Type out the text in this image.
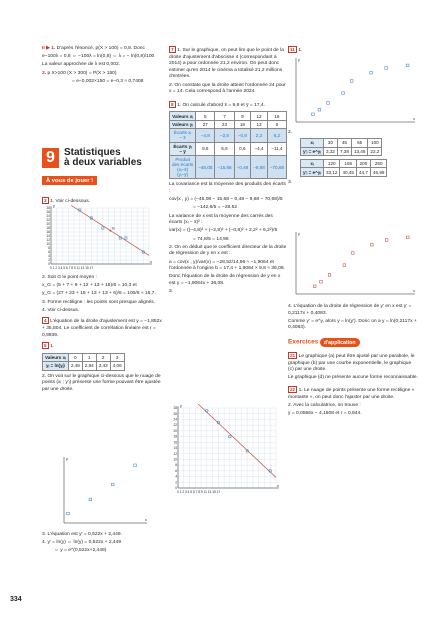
II ▶ 1. D'après l'énoncé, p(X > 100) = 0,8. Donc

e−100λ = 0,8 ⇔ −100λ = ln(0,8) ⇔ λ = − ln(0,8)/100

La valeur approchée de λ est 0,002.

2. p X>100 (X > 300) = P(X > 150)

= e−0,002×150 = e−0,3 ≈ 0,7408

9 Statistiques
à deux variables
À vous de jouer !

3 1. Voir ci-dessous.

28
26
24
22
20
18
16
14
12
10
8
6
4
2
0
0 1 2 3 4 5 6 7 8 9 11 13 15 17
y
x
G

2. Soit G le point moyen :

x_G = (5 + 7 + 9 + 12 + 13 + 16)/6 = 10,3 et

y_G = (27 + 23 + 18 + 13 + 13 + 6)/6 = 100/6 ≈ 16,7.

3. Forme rectiligne : les points sont presque alignés.

4. Voir ci-dessus.

4 L'équation de la droite d'ajustement est y = −1,852x + 35,804. Le coefficient de corrélation linéaire est r = 0,9939.

5 1.

Valeurs xᵢ	0	1	2	3
yᵢ = ln(yᵢ)	2,48	2,94	3,43	4,06

2. On voit sur le graphique ci-dessous que le nuage de points (xᵢ ; y'ᵢ) présente une forme pouvant être ajustée par une droite.

y
x

3. L'équation est y' = 0,522x + 2,449.

4. y' = ln(y) ⇔ ln(y) = 0,522x + 2,449

⇔ y = e^(0,522x+2,449)

334

7 1. Sur le graphique, on peut lire que le point de la droite d'ajustement d'abscisse 4 (correspondant à 2014) a pour ordonnée 21,2 environ. On peut donc estimer qu'en 2014 le cinéma a totalisé 21,2 millions d'entrées.

2. On constate que la droite atteint l'ordonnée 24 pour x = 14. Cela correspond à l'année 2024.

8 1. On calcule d'abord x̄ = 9,8 et ȳ = 17,4.

Valeurs xᵢ	5	7	9	12	16
Valeurs yᵢ	27	23	18	13	6
Écarts xᵢ − x̄	−4,8	−2,8	−0,8	2,2	6,2
Écarts yᵢ − ȳ	9,6	5,6	0,6	−4,4	−11,4
Produit des écarts (xᵢ−x̄)(yᵢ−ȳ)	−46,08	−15,68	−0,48	−9,68	−70,68

La covariance est la moyenne des produits des écarts :

cov(x , y) = (−46,08 − 15,68 − 0,48 − 9,68 − 70,68)/5

= −142,6/5 = −28,52

La variance de x est la moyenne des carrés des écarts (xᵢ − x̄)² :

var(x) = ((−4,8)² + (−2,8)² + (−0,8)² + 2,2² + 6,2²)/5

= 74,8/5 = 14,96

2. On en déduit que le coefficient directeur de la droite de régression de y en x est :

a = cov(x , y)/var(x) = −28,52/14,96 ≈ −1,9064 et l'ordonnée à l'origine b = 17,4 + 1,9064 × 9,8 ≈ 36,08.

Donc l'équation de la droite de régression de y en x est y = −1,9064x + 36,08.

3.

28
26
24
22
20
18
16
14
12
10
8
6
4
2
0
0 1 2 3 4 5 6 7 8 9 11 13 15 17
y
x

11 1.

y
x

2.

xᵢ	30	45	65	100
y'ᵢ = e^yᵢ	3,32	7,38	13,46	22,2
xᵢ	120	165	200	250
y'ᵢ = e^yᵢ	33,12	40,45	44,7	46,99

3.

y
x

4. L'équation de la droite de régression de y' en x est y' = 0,2117x + 0,4083.

Comme y' = e^y, alors y = ln(y'). Donc on a y = ln(0,2117x + 0,4083).

Exercices d'application

21 Le graphique (a) peut être ajusté par une parabole, le graphique (b) par une courbe exponentielle, le graphique (c) par une droite.

Le graphique (d) ne présente aucune forme reconnaissable.

22 1. Le nuage de points présente une forme rectiligne « montante », on peut donc l'ajuster par une droite.

2. Avec la calculatrice, on trouve :

y = 0,0556x − 4,1508 et r = 0,944.
